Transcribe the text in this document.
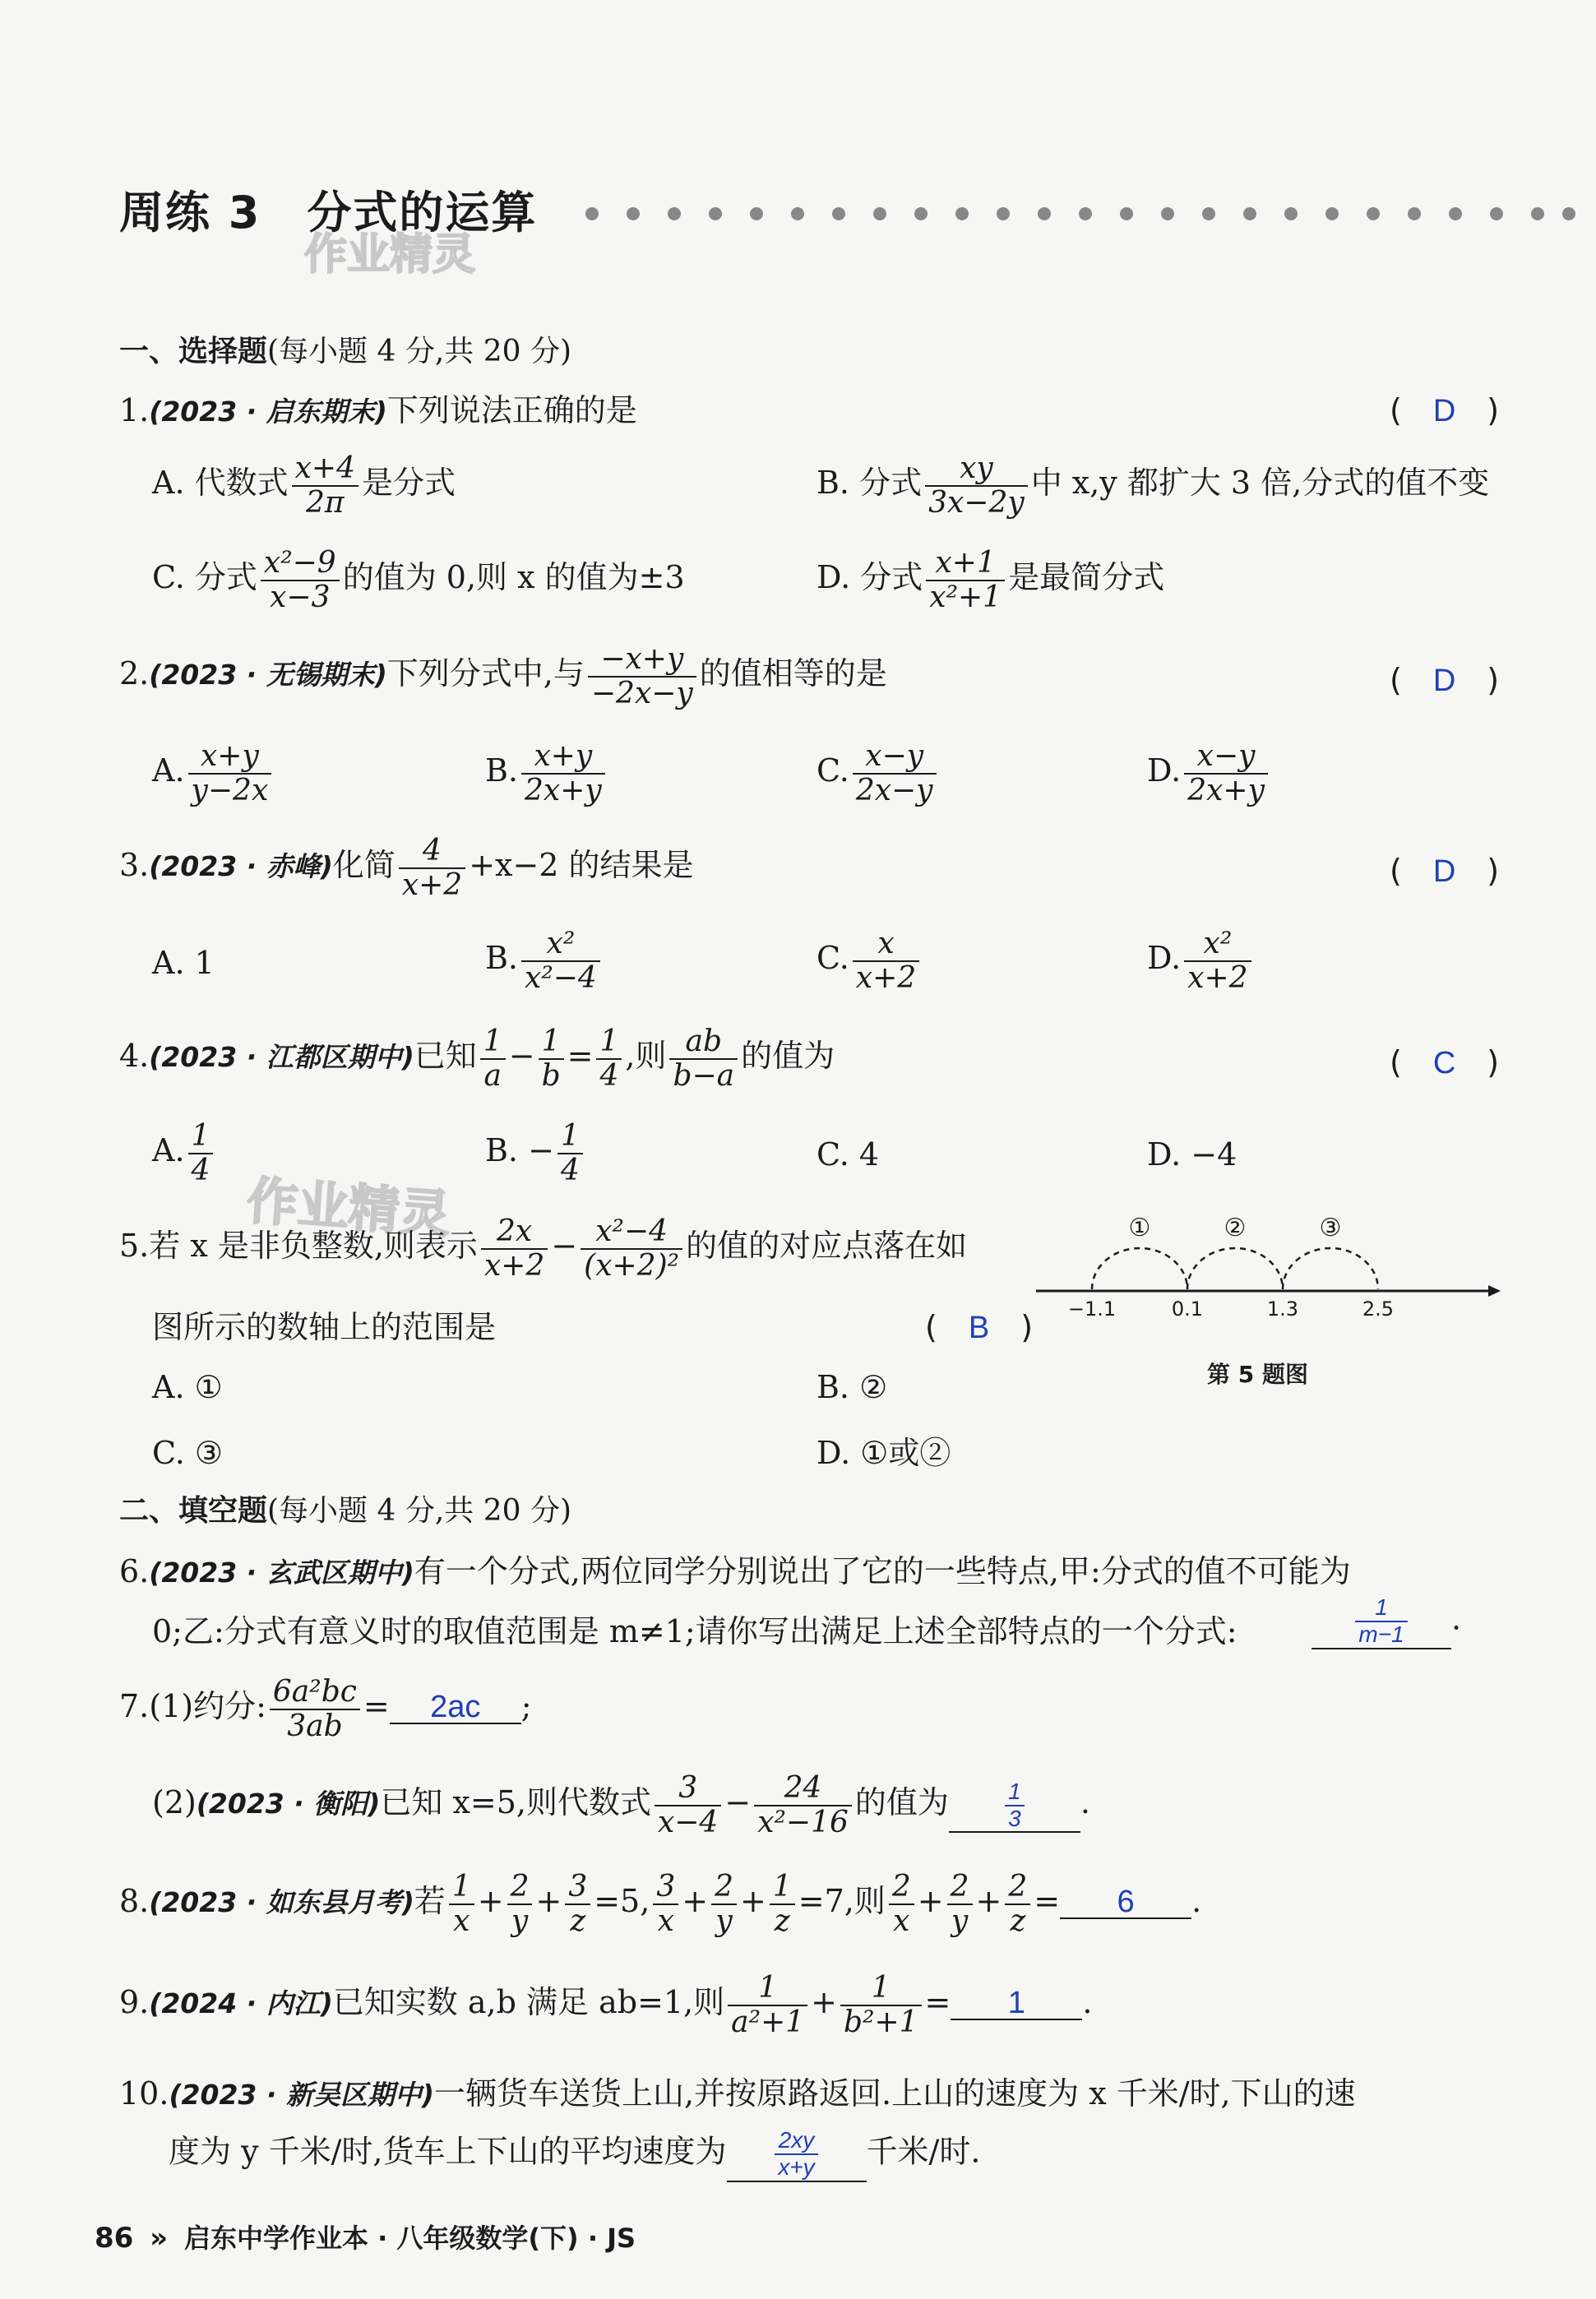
周练 3　分式的运算
作业精灵
作业精灵
一、选择题(每小题 4 分,共 20 分)
1.(2023 · 启东期末)下列说法正确的是	(　D　)
A. 代数式 $\frac{x+4}{2\pi}$ 是分式	B. 分式 $\frac{xy}{3x-2y}$ 中 x,y 都扩大 3 倍,分式的值不变
C. 分式 $\frac{\text{x²−9}}{x-3}$ 的值为 0,则 x 的值为±3	D. 分式 $\frac{x+1}{\text{x²+1}}$ 是最简分式
2.(2023 · 无锡期末)下列分式中,与 $\frac{-x+y}{-2x-y}$ 的值相等的是	(　D　)
A. $\frac{x+y}{y-2x}$	B. $\frac{x+y}{2x+y}$	C. $\frac{x-y}{2x-y}$	D. $\frac{x-y}{2x+y}$
3.(2023 · 赤峰)化简 $\frac{4}{x+2} +x-2$ 的结果是	(　D　)
A. 1	B. $\frac{\text{x²}}{\text{x²−4}}$	C. $\frac{x}{x+2}$	D. $\frac{\text{x²}}{x+2}$
4.(2023 · 江都区期中)已知 $\frac{1}{a} - \frac{1}{b} = \frac{1}{4}$ ,则 $\frac{ab}{b-a}$ 的值为	(　C　)
A. $\frac{1}{4}$	B. − $\frac{1}{4}$	C. 4	D. −4
5.若 x 是非负整数,则表示 $\frac{2x}{x+2} - \frac{\text{x²−4}}{\text{(x+2)²}}$ 的值的对应点落在如
图所示的数轴上的范围是	(　B　)
A. ①	B. ②
C. ③	D. ①或②
①	②	③
−1.1	0.1	1.3	2.5
第 5 题图
二、填空题(每小题 4 分,共 20 分)
6.(2023 · 玄武区期中)有一个分式,两位同学分别说出了它的一些特点,甲:分式的值不可能为
0;乙:分式有意义时的取值范围是 m≠1;请你写出满足上述全部特点的一个分式:	$\frac{1}{m-1}$ .
7.(1)约分: $\frac{\text{6a²bc}}{3ab} = 2ac$ ;
(2)(2023 · 衡阳)已知 x=5,则代数式 $\frac{3}{x-4} - \frac{24}{\text{x²−16}}$ 的值为 $\frac{1}{3}$ .
8.(2023 · 如东县月考)若 $\frac{1}{x} + \frac{2}{y} + \frac{3}{z} =5$, $\frac{3}{x} + \frac{2}{y} + \frac{1}{z} =7$,则 $\frac{2}{x} + \frac{2}{y} + \frac{2}{z} = 6$ .
9.(2024 · 内江)已知实数 a,b 满足 ab=1,则 $\frac{1}{\text{a²+1}} + \frac{1}{\text{b²+1}} = 1$ .
10.(2023 · 新吴区期中)一辆货车送货上山,并按原路返回.上山的速度为 x 千米/时,下山的速
度为 y 千米/时,货车上下山的平均速度为 $\frac{2xy}{x+y}$ 千米/时.
86 » 启东中学作业本 · 八年级数学(下) · JS
